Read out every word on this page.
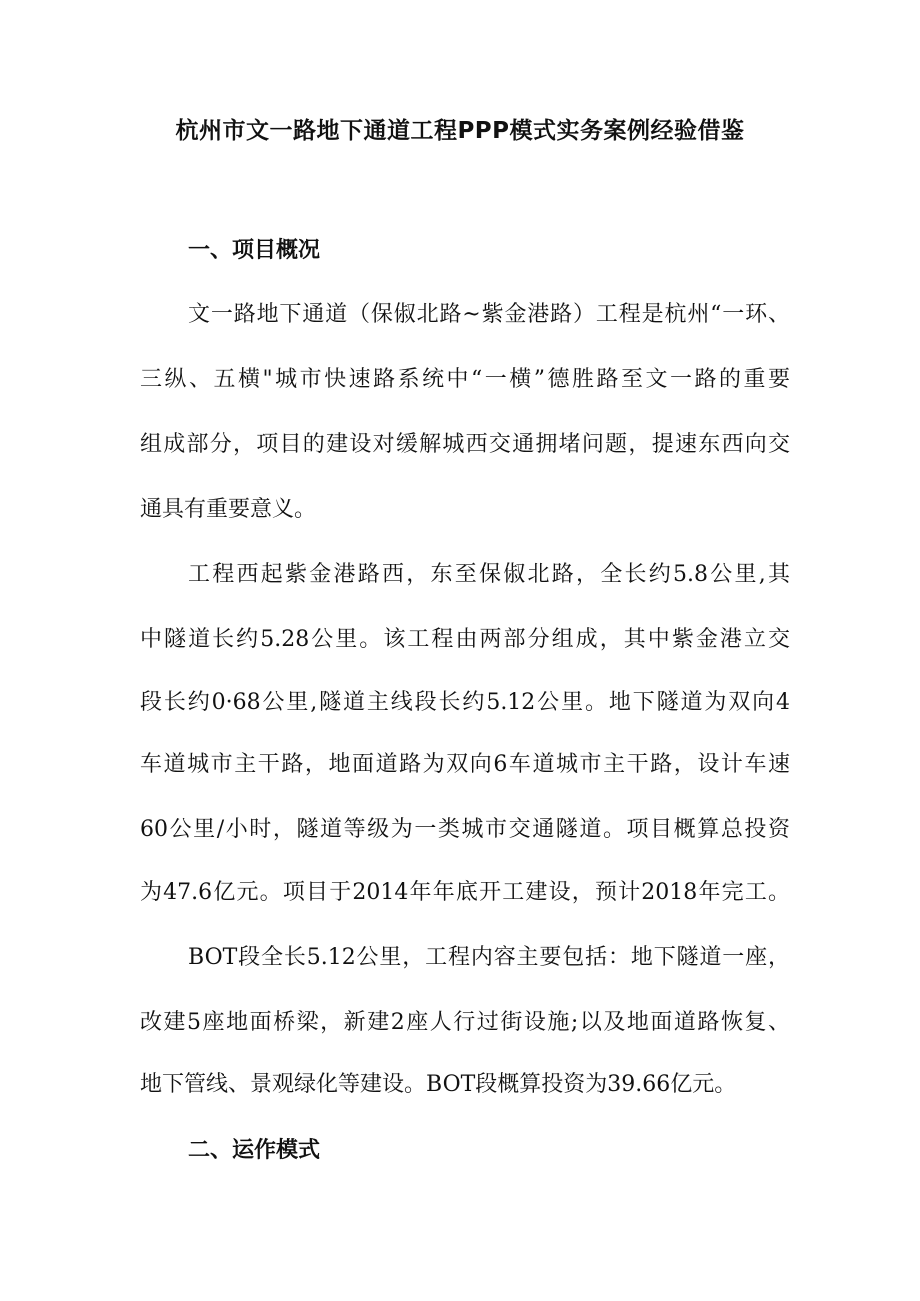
杭州市文一路地下通道工程PPP模式实务案例经验借鉴
一、项目概况
文一路地下通道（保俶北路~紫金港路）工程是杭州“一环、
三纵、五横"城市快速路系统中“一横”德胜路至文一路的重要
组成部分，项目的建设对缓解城西交通拥堵问题，提速东西向交
通具有重要意义。
工程西起紫金港路西，东至保俶北路，全长约5.8公里,其
中隧道长约5.28公里。该工程由两部分组成，其中紫金港立交
段长约0·68公里,隧道主线段长约5.12公里。地下隧道为双向4
车道城市主干路，地面道路为双向6车道城市主干路，设计车速
60公里/小时，隧道等级为一类城市交通隧道。项目概算总投资
为47.6亿元。项目于2014年年底开工建设，预计2018年完工。
BOT段全长5.12公里，工程内容主要包括：地下隧道一座，
改建5座地面桥梁，新建2座人行过街设施;以及地面道路恢复、
地下管线、景观绿化等建设。BOT段概算投资为39.66亿元。
二、运作模式
